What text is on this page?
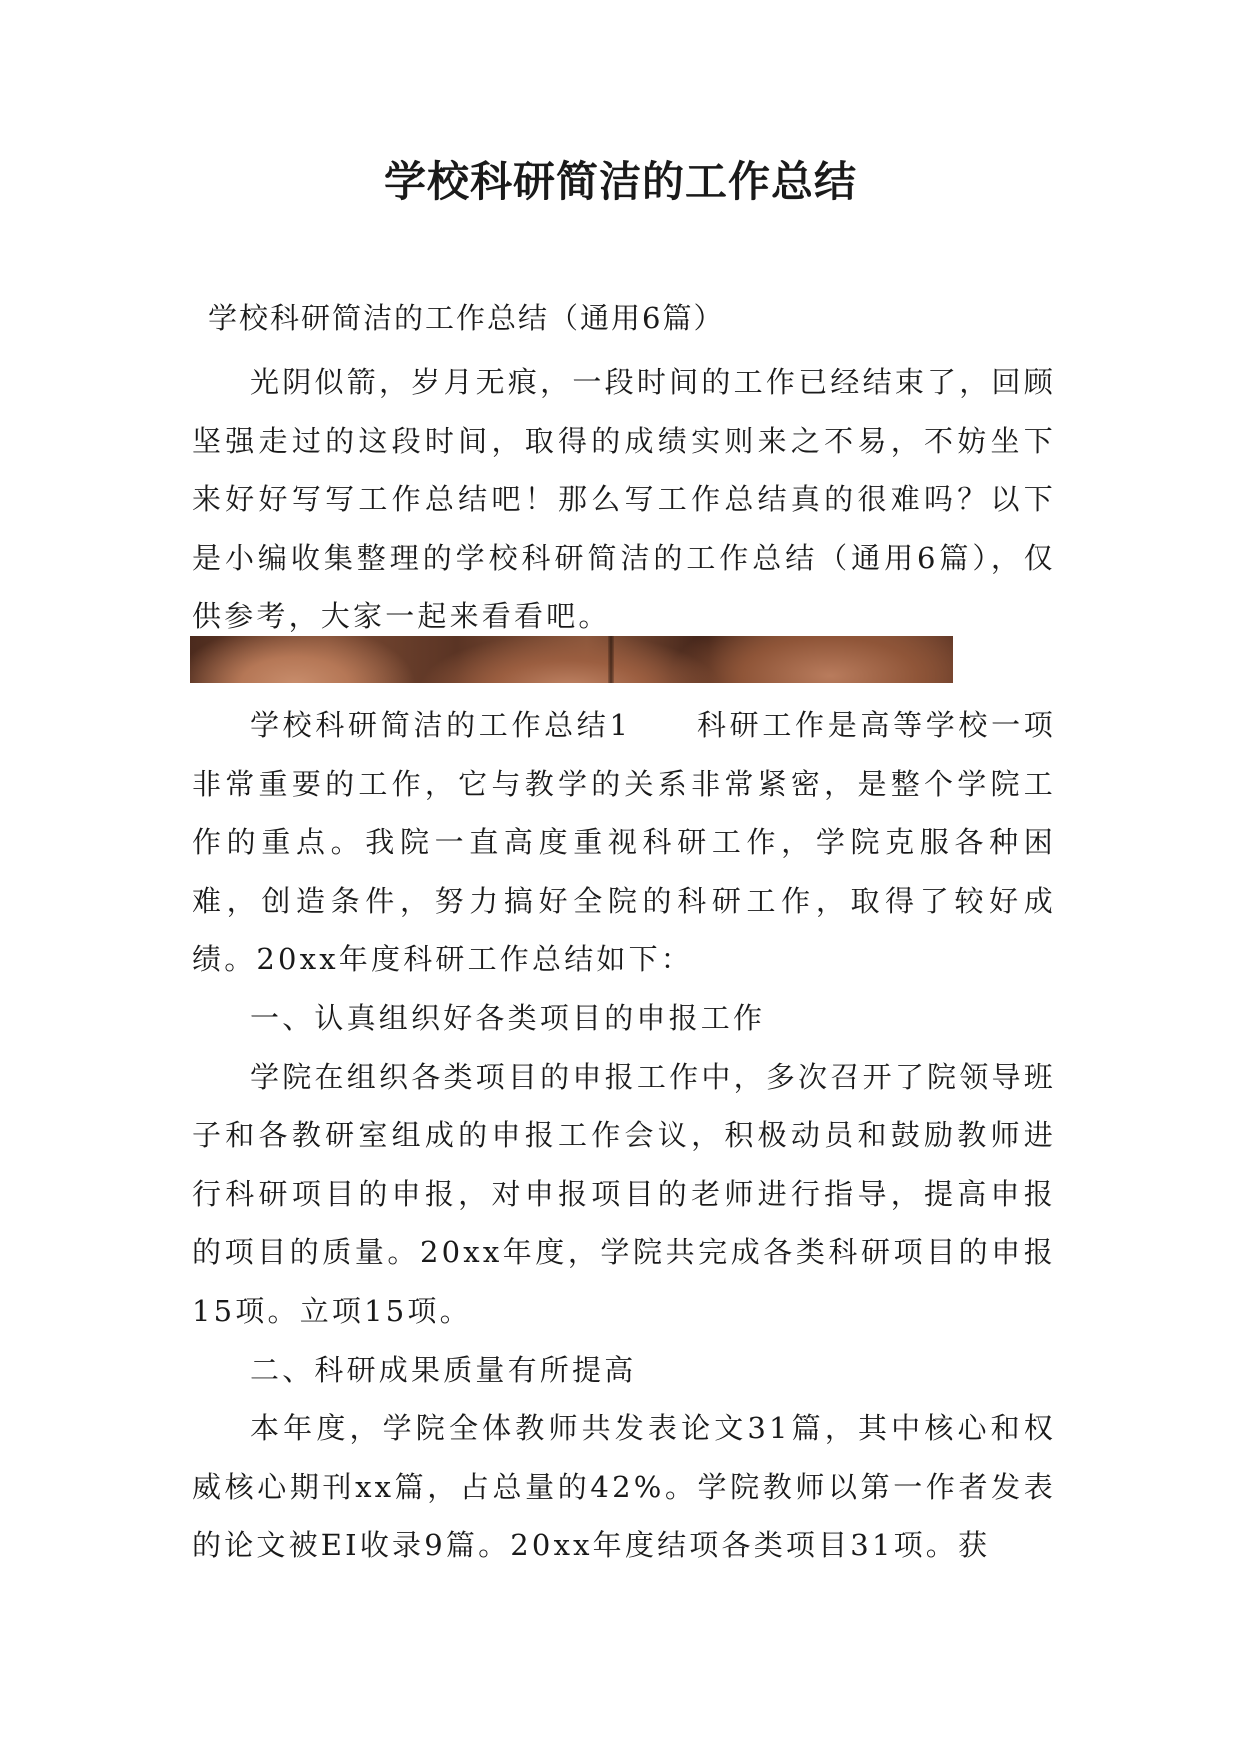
学校科研简洁的工作总结
学校科研简洁的工作总结（通用6篇）

光阴似箭，岁月无痕，一段时间的工作已经结束了，回顾坚强走过的这段时间，取得的成绩实则来之不易，不妨坐下来好好写写工作总结吧！那么写工作总结真的很难吗？以下是小编收集整理的学校科研简洁的工作总结（通用6篇），仅供参考，大家一起来看看吧。

学校科研简洁的工作总结1　　科研工作是高等学校一项非常重要的工作，它与教学的关系非常紧密，是整个学院工作的重点。我院一直高度重视科研工作，学院克服各种困难，创造条件，努力搞好全院的科研工作，取得了较好成绩。20xx年度科研工作总结如下：

一、认真组织好各类项目的申报工作

学院在组织各类项目的申报工作中，多次召开了院领导班子和各教研室组成的申报工作会议，积极动员和鼓励教师进行科研项目的申报，对申报项目的老师进行指导，提高申报的项目的质量。20xx年度，学院共完成各类科研项目的申报15项。立项15项。

二、科研成果质量有所提高

本年度，学院全体教师共发表论文31篇，其中核心和权威核心期刊xx篇，占总量的42%。学院教师以第一作者发表的论文被EI收录9篇。20xx年度结项各类项目31项。获
